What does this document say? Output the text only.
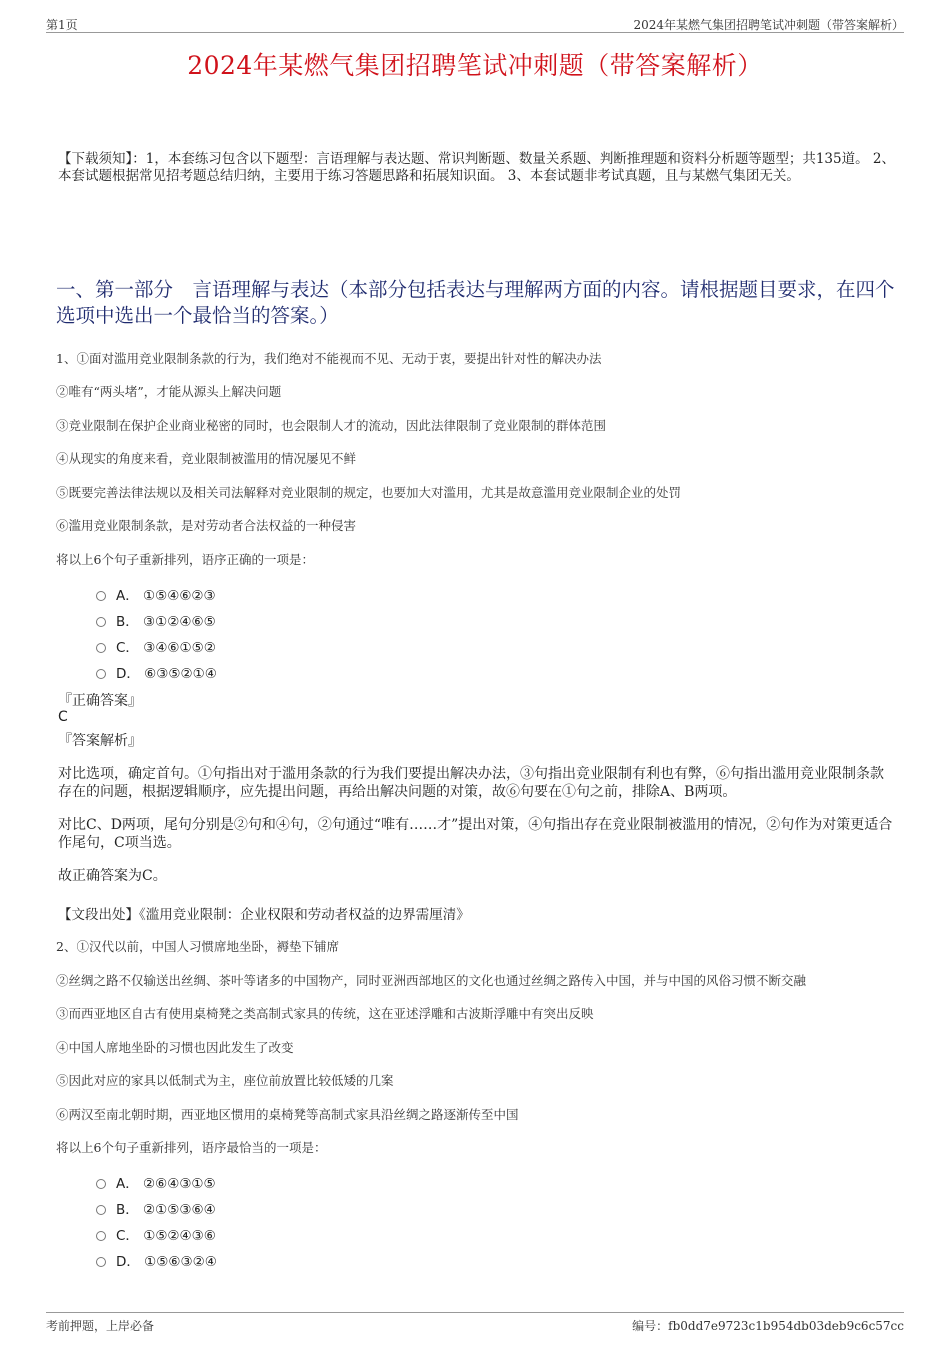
第1页	2024年某燃气集团招聘笔试冲刺题（带答案解析）
2024年某燃气集团招聘笔试冲刺题（带答案解析）
【下载须知】：1，本套练习包含以下题型：言语理解与表达题、常识判断题、数量关系题、判断推理题和资料分析题等题型；共135道。 2、本套试题根据常见招考题总结归纳，主要用于练习答题思路和拓展知识面。 3、本套试题非考试真题，且与某燃气集团无关。
一、第一部分　言语理解与表达（本部分包括表达与理解两方面的内容。请根据题目要求，在四个选项中选出一个最恰当的答案。）
1、①面对滥用竞业限制条款的行为，我们绝对不能视而不见、无动于衷，要提出针对性的解决办法
②唯有“两头堵”，才能从源头上解决问题
③竞业限制在保护企业商业秘密的同时，也会限制人才的流动，因此法律限制了竞业限制的群体范围
④从现实的角度来看，竞业限制被滥用的情况屡见不鲜
⑤既要完善法律法规以及相关司法解释对竞业限制的规定，也要加大对滥用，尤其是故意滥用竞业限制企业的处罚
⑥滥用竞业限制条款，是对劳动者合法权益的一种侵害
将以上6个句子重新排列，语序正确的一项是：
A． ①⑤④⑥②③
B． ③①②④⑥⑤
C． ③④⑥①⑤②
D． ⑥③⑤②①④
『正确答案』
C
『答案解析』
对比选项，确定首句。①句指出对于滥用条款的行为我们要提出解决办法，③句指出竞业限制有利也有弊，⑥句指出滥用竞业限制条款存在的问题，根据逻辑顺序，应先提出问题，再给出解决问题的对策，故⑥句要在①句之前，排除A、B两项。
对比C、D两项，尾句分别是②句和④句，②句通过“唯有……才”提出对策，④句指出存在竞业限制被滥用的情况，②句作为对策更适合作尾句，C项当选。
故正确答案为C。
【文段出处】《滥用竞业限制：企业权限和劳动者权益的边界需厘清》
2、①汉代以前，中国人习惯席地坐卧，褥垫下铺席
②丝绸之路不仅输送出丝绸、茶叶等诸多的中国物产，同时亚洲西部地区的文化也通过丝绸之路传入中国，并与中国的风俗习惯不断交融
③而西亚地区自古有使用桌椅凳之类高制式家具的传统，这在亚述浮雕和古波斯浮雕中有突出反映
④中国人席地坐卧的习惯也因此发生了改变
⑤因此对应的家具以低制式为主，座位前放置比较低矮的几案
⑥两汉至南北朝时期，西亚地区惯用的桌椅凳等高制式家具沿丝绸之路逐渐传至中国
将以上6个句子重新排列，语序最恰当的一项是：
A． ②⑥④③①⑤
B． ②①⑤③⑥④
C． ①⑤②④③⑥
D． ①⑤⑥③②④
考前押题，上岸必备	编号：fb0dd7e9723c1b954db03deb9c6c57cc
